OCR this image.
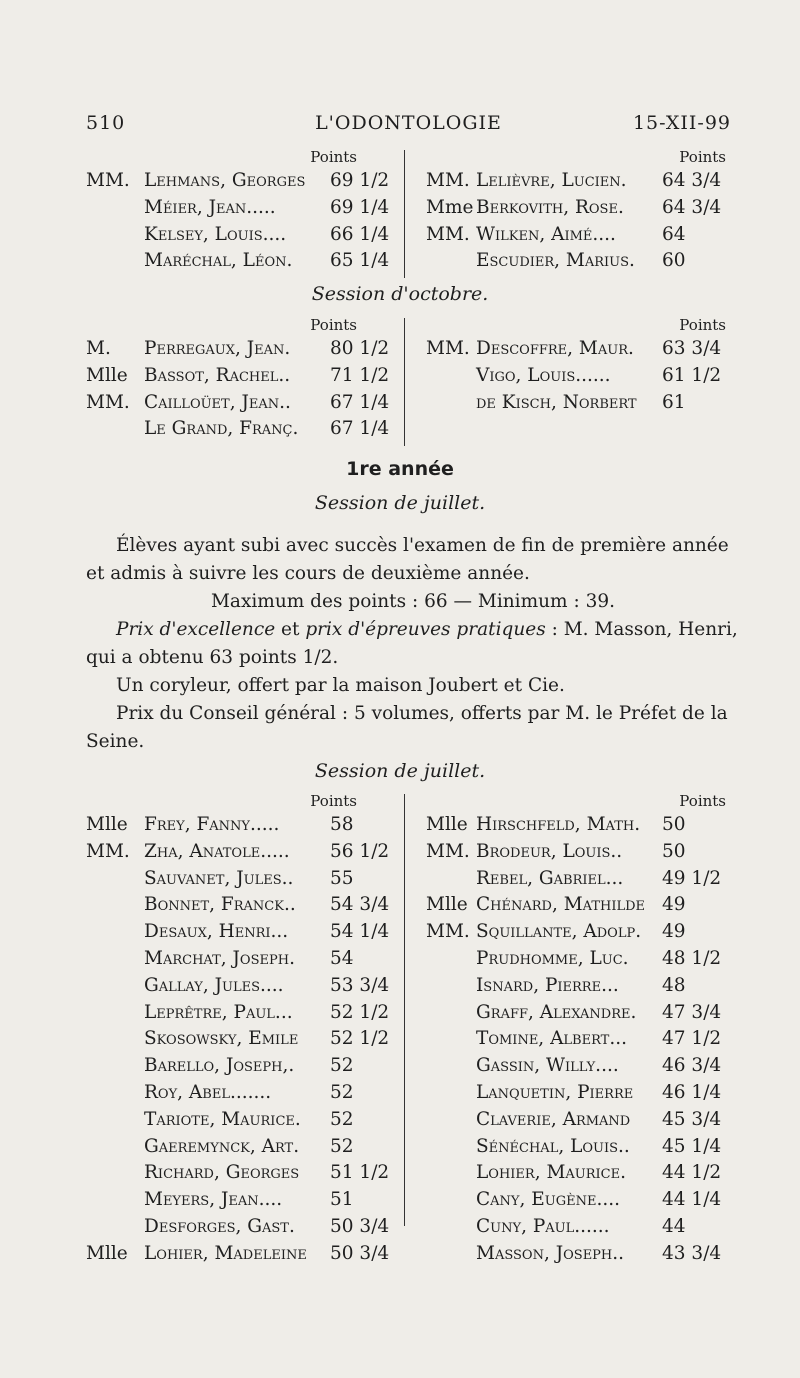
510	L'ODONTOLOGIE	15-XII-99
Points
MM. Lehmans, Georges 69 1/2
Méier, Jean.....	69 1/4
Kelsey, Louis.... 66 1/4
Maréchal, Léon. 65 1/4
Points
MM. Lelièvre, Lucien. 64 3/4
Mme Berkovith, Rose. 64 3/4
MM. Wilken, Aimé.... 64
Escudier, Marius. 60
Session d'octobre.
Points
M. Perregaux, Jean. 80 1/2
Mlle Bassot, Rachel.. 71 1/2
MM. Cailloüet, Jean.. 67 1/4
Le Grand, Franç. 67 1/4
Points
MM. Descoffre, Maur. 63 3/4
Vigo, Louis......	61 1/2
de Kisch, Norbert 61
1re année
Session de juillet.

Élèves ayant subi avec succès l'examen de fin de première année et admis à suivre les cours de deuxième année.

Maximum des points : 66 — Minimum : 39.

Prix d'excellence et prix d'épreuves pratiques : M. Masson, Henri, qui a obtenu 63 points 1/2.

Un coryleur, offert par la maison Joubert et Cie.

Prix du Conseil général : 5 volumes, offerts par M. le Préfet de la Seine.

Session de juillet.
Points
Mlle Frey, Fanny.....	58
MM. Zha, Anatole..... 56 1/2
Sauvanet, Jules.. 55
Bonnet, Franck.. 54 3/4
Desaux, Henri... 54 1/4
Marchat, Joseph. 54
Gallay, Jules....	53 3/4
Leprêtre, Paul... 52 1/2
Skosowsky, Emile 52 1/2
Barello, Joseph,. 52
Roy, Abel.......	52
Tariote, Maurice. 52
Gaeremynck, Art. 52
Richard, Georges 51 1/2
Meyers, Jean....	51
Desforges, Gast. 50 3/4
Mlle Lohier, Madeleine 50 3/4
Points
Mlle Hirschfeld, Math. 50
MM. Brodeur, Louis.. 50
Rebel, Gabriel... 49 1/2
Mlle Chénard, Mathilde 49
MM. Squillante, Adolp. 49
Prudhomme, Luc. 48 1/2
Isnard, Pierre... 48
Graff, Alexandre. 47 3/4
Tomine, Albert... 47 1/2
Gassin, Willy.... 46 3/4
Lanquetin, Pierre 46 1/4
Claverie, Armand 45 3/4
Sénéchal, Louis.. 45 1/4
Lohier, Maurice. 44 1/2
Cany, Eugène.... 44 1/4
Cuny, Paul......	44
Masson, Joseph.. 43 3/4
